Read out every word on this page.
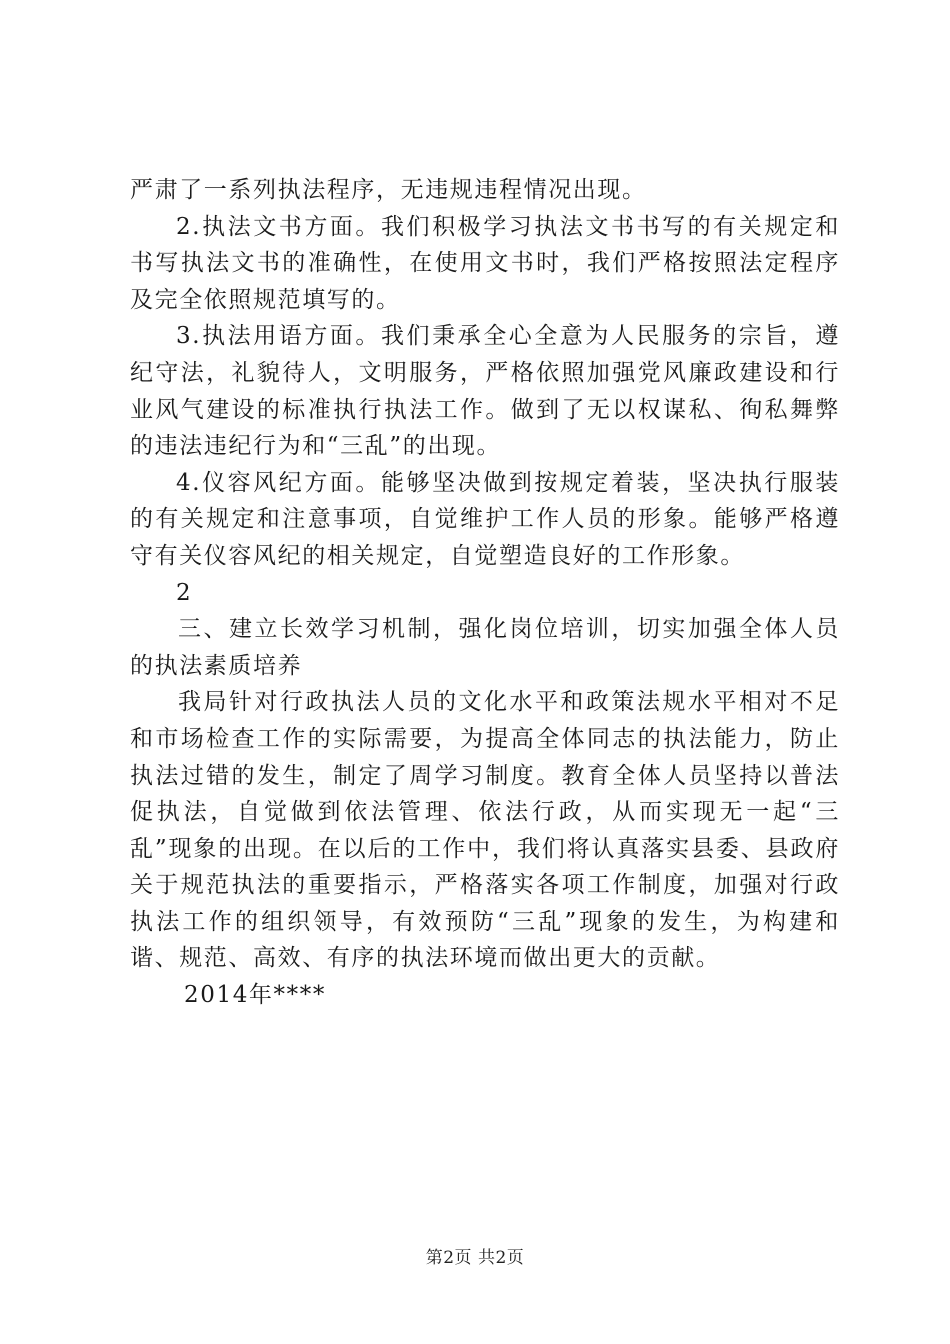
严肃了一系列执法程序，无违规违程情况出现。

2.执法文书方面。我们积极学习执法文书书写的有关规定和书写执法文书的准确性，在使用文书时，我们严格按照法定程序及完全依照规范填写的。

3.执法用语方面。我们秉承全心全意为人民服务的宗旨，遵纪守法，礼貌待人，文明服务，严格依照加强党风廉政建设和行业风气建设的标准执行执法工作。做到了无以权谋私、徇私舞弊的违法违纪行为和“三乱”的出现。

4.仪容风纪方面。能够坚决做到按规定着装，坚决执行服装的有关规定和注意事项，自觉维护工作人员的形象。能够严格遵守有关仪容风纪的相关规定，自觉塑造良好的工作形象。

2

三、建立长效学习机制，强化岗位培训，切实加强全体人员的执法素质培养

我局针对行政执法人员的文化水平和政策法规水平相对不足和市场检查工作的实际需要，为提高全体同志的执法能力，防止执法过错的发生，制定了周学习制度。教育全体人员坚持以普法促执法，自觉做到依法管理、依法行政，从而实现无一起“三乱”现象的出现。在以后的工作中，我们将认真落实县委、县政府关于规范执法的重要指示，严格落实各项工作制度，加强对行政执法工作的组织领导，有效预防“三乱”现象的发生，为构建和谐、规范、高效、有序的执法环境而做出更大的贡献。

2014年****

第2页 共2页
